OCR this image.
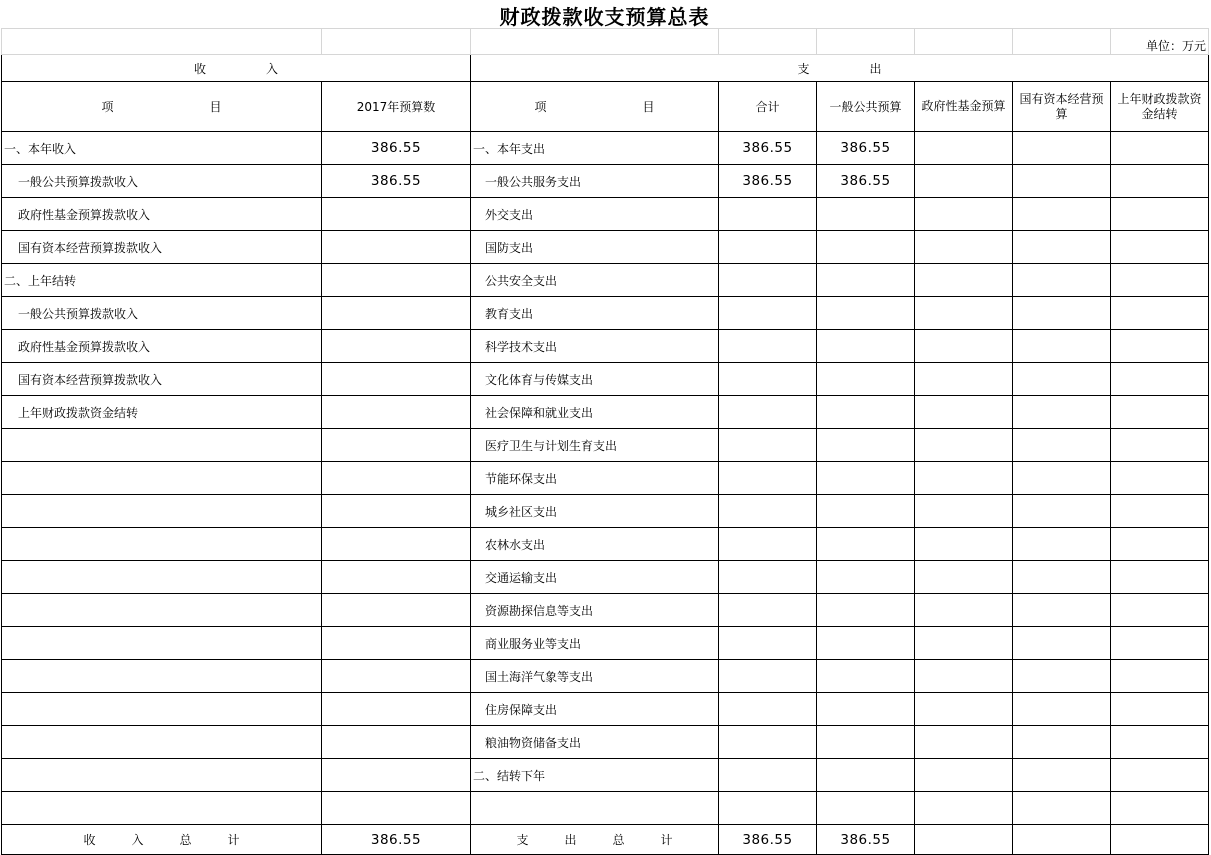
财政拨款收支预算总表
							单位：万元
收　　　　　入		支　　　　　出					
项　　　　　　　　目	2017年预算数	项　　　　　　　　目	合计	一般公共预算	政府性基金预算	国有资本经营预算	上年财政拨款资金结转
一、本年收入	386.55	一、本年支出	386.55	386.55			
一般公共预算拨款收入	386.55	一般公共服务支出	386.55	386.55			
政府性基金预算拨款收入		外交支出					
国有资本经营预算拨款收入		国防支出					
二、上年结转		公共安全支出					
一般公共预算拨款收入		教育支出					
政府性基金预算拨款收入		科学技术支出					
国有资本经营预算拨款收入		文化体育与传媒支出					
上年财政拨款资金结转		社会保障和就业支出					
		医疗卫生与计划生育支出					
		节能环保支出					
		城乡社区支出					
		农林水支出					
		交通运输支出					
		资源勘探信息等支出					
		商业服务业等支出					
		国土海洋气象等支出					
		住房保障支出					
		粮油物资储备支出					
		二、结转下年					

收　　　入　　　总　　　计	386.55	支　　　出　　　总　　　计	386.55	386.55			
